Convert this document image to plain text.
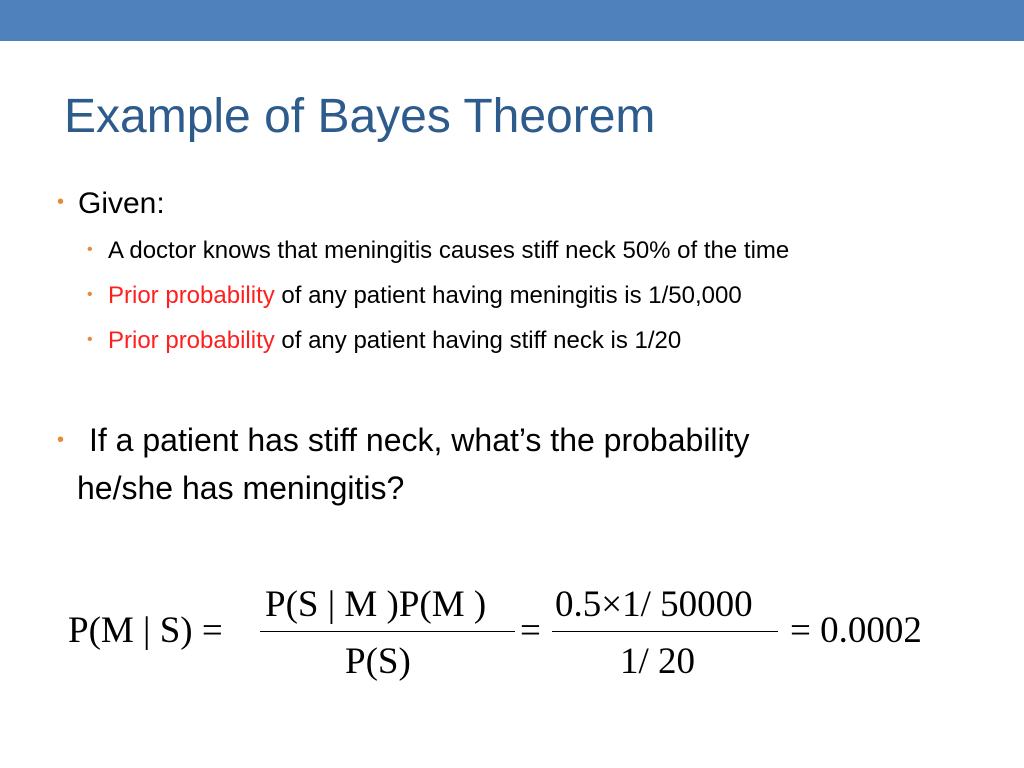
Example of Bayes Theorem
• Given:
• A doctor knows that meningitis causes stiff neck 50% of the time
• Prior probability of any patient having meningitis is 1/50,000
• Prior probability of any patient having stiff neck is 1/20
• If a patient has stiff neck, what’s the probability
he/she has meningitis?
P(M | S) =
P(S | M )P(M )
P(S)
=
0.5×1/ 50000
1/ 20
= 0.0002
